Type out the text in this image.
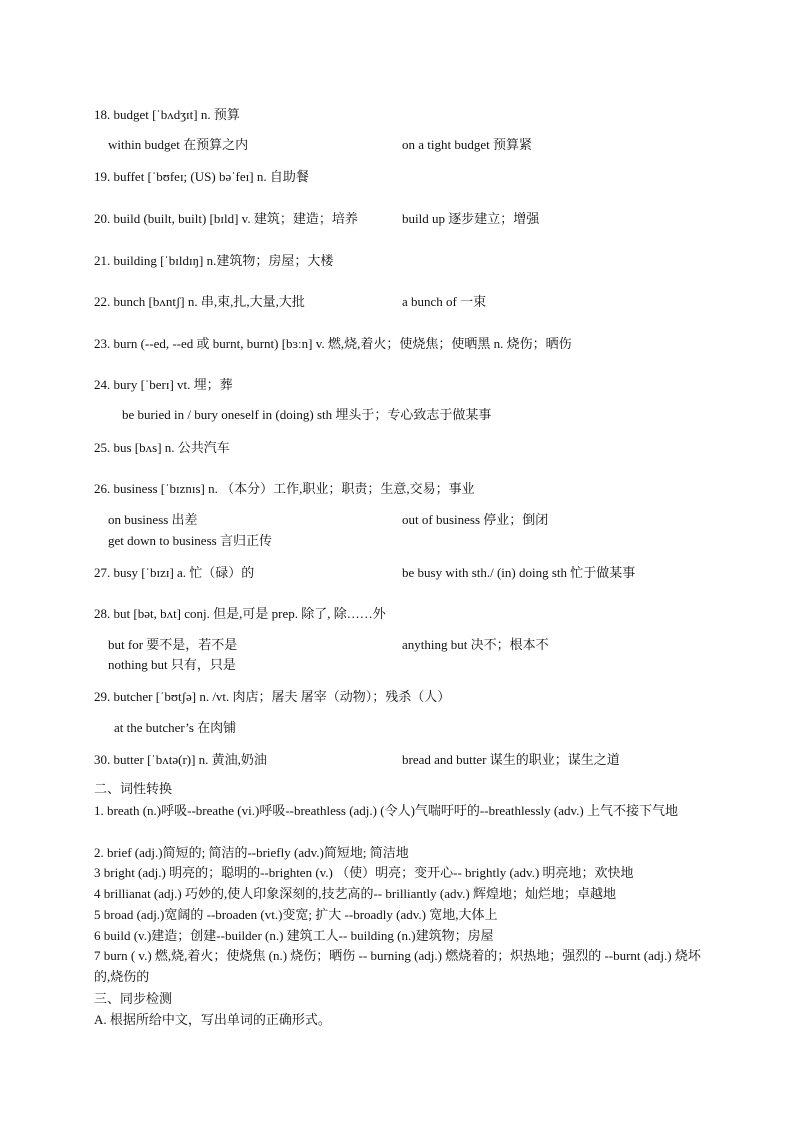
18. budget [ˈbʌdʒɪt] n. 预算
within budget 在预算之内	on a tight budget 预算紧
19. buffet [ˈbʊfeɪ; (US) bəˈfeɪ] n. 自助餐
20. build (built, built) [bɪld] v. 建筑；建造；培养	build up 逐步建立；增强
21. building [ˈbɪldɪŋ] n.建筑物；房屋；大楼
22. bunch [bʌntʃ] n. 串,束,扎,大量,大批	a bunch of 一束
23. burn (--ed, --ed 或 burnt, burnt) [bɜːn] v. 燃,烧,着火；使烧焦；使晒黑 n. 烧伤；晒伤
24. bury [ˈberɪ] vt. 埋；葬
be buried in / bury oneself in (doing) sth 埋头于；专心致志于做某事
25. bus [bʌs] n. 公共汽车
26. business [ˈbɪznɪs] n. （本分）工作,职业；职责；生意,交易；事业
on business 出差	out of business 停业；倒闭
get down to business 言归正传
27. busy [ˈbɪzɪ] a. 忙（碌）的	be busy with sth./ (in) doing sth 忙于做某事
28. but [bət, bʌt] conj. 但是,可是 prep. 除了, 除……外
but for 要不是，若不是	anything but 决不；根本不
nothing but 只有，只是
29. butcher [ˈbʊtʃə] n. /vt. 肉店；屠夫 屠宰（动物）；残杀（人）
at the butcher’s 在肉铺
30. butter [ˈbʌtə(r)] n. 黄油,奶油	bread and butter 谋生的职业；谋生之道
二、词性转换
1. breath (n.)呼吸--breathe (vi.)呼吸--breathless (adj.) (令人)气喘吁吁的--breathlessly (adv.) 上气不接下气地
2. brief (adj.)简短的; 简洁的--briefly (adv.)简短地; 简洁地
3 bright (adj.) 明亮的；聪明的--brighten (v.) （使）明亮；变开心-- brightly (adv.) 明亮地；欢快地
4 brillianat (adj.) 巧妙的,使人印象深刻的,技艺高的-- brilliantly (adv.) 辉煌地；灿烂地；卓越地
5 broad (adj.)宽阔的 --broaden (vt.)变宽; 扩大 --broadly (adv.) 宽地,大体上
6 build (v.)建造；创建--builder (n.) 建筑工人-- building (n.)建筑物；房屋
7 burn ( v.) 燃,烧,着火；使烧焦 (n.) 烧伤；晒伤 -- burning (adj.) 燃烧着的；炽热地；强烈的 --burnt (adj.) 烧坏的,烧伤的
三、同步检测
A. 根据所给中文，写出单词的正确形式。
